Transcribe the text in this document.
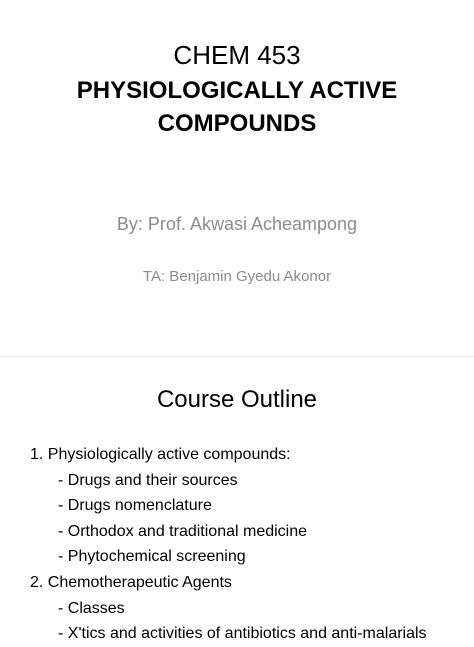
CHEM 453
PHYSIOLOGICALLY ACTIVE
COMPOUNDS
By: Prof. Akwasi Acheampong
TA: Benjamin Gyedu Akonor
Course Outline
1. Physiologically active compounds:
- Drugs and their sources
- Drugs nomenclature
- Orthodox and traditional medicine
- Phytochemical screening
2. Chemotherapeutic Agents
- Classes
- X'tics and activities of antibiotics and anti-malarials
